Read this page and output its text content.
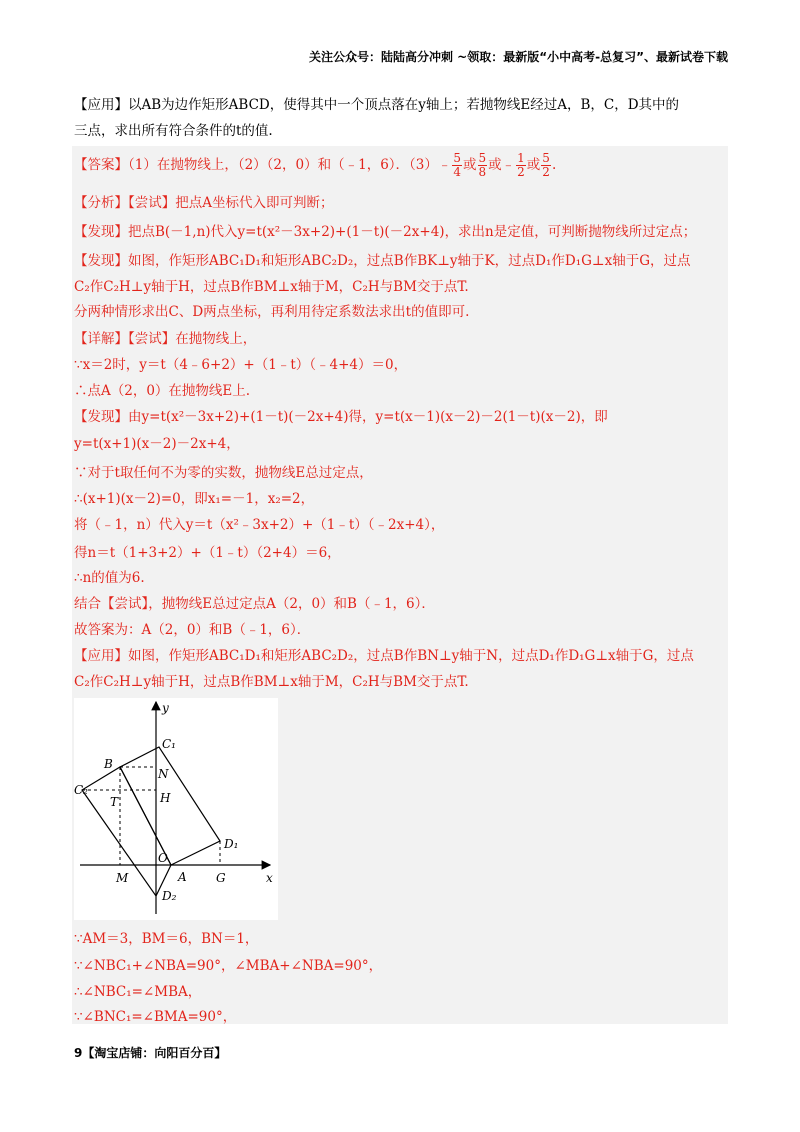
关注公众号：陆陆高分冲刺 ~领取：最新版“小中高考-总复习”、最新试卷下载
【应用】以AB为边作矩形ABCD，使得其中一个顶点落在y轴上；若抛物线E经过A，B，C，D其中的
三点，求出所有符合条件的t的值.
【答案】（1）在抛物线上，（2）（2，0）和（﹣1，6）．（3）﹣ $\frac{5}{4}$ 或 $\frac{5}{8}$ 或﹣ $\frac{1}{2}$ 或 $\frac{5}{2}$ .
【分析】【尝试】把点A坐标代入即可判断；
【发现】把点B(－1,n)代入y=t(x²－3x+2)+(1－t)(－2x+4)，求出n是定值，可判断抛物线所过定点；
【发现】如图，作矩形ABC₁D₁和矩形ABC₂D₂，过点B作BK⊥y轴于K，过点D₁作D₁G⊥x轴于G，过点
C₂作C₂H⊥y轴于H，过点B作BM⊥x轴于M，C₂H与BM交于点T.
分两种情形求出C、D两点坐标，再利用待定系数法求出t的值即可.
【详解】【尝试】在抛物线上，
∵x＝2时，y＝t（4﹣6+2）+（1﹣t）（﹣4+4）＝0，
∴点A（2，0）在抛物线E上.
【发现】由y=t(x²－3x+2)+(1－t)(－2x+4)得，y=t(x－1)(x－2)－2(1－t)(x－2)，即
y=t(x+1)(x－2)－2x+4，
∵对于t取任何不为零的实数，抛物线E总过定点，
∴(x+1)(x－2)=0，即x₁=－1，x₂=2，
将（﹣1，n）代入y＝t（x²﹣3x+2）+（1﹣t）（﹣2x+4），
得n＝t（1+3+2）+（1﹣t）（2+4）＝6，
∴n的值为6.
结合【尝试】，抛物线E总过定点A（2，0）和B（﹣1，6）．
故答案为：A（2，0）和B（﹣1，6）．
【应用】如图，作矩形ABC₁D₁和矩形ABC₂D₂，过点B作BN⊥y轴于N，过点D₁作D₁G⊥x轴于G，过点
C₂作C₂H⊥y轴于H，过点B作BM⊥x轴于M，C₂H与BM交于点T.
y
x
C₁
B
N
C₂
T	H
D₁
O
A G
M
D₂
∵AM＝3，BM＝6，BN＝1，
∵∠NBC₁+∠NBA=90°，∠MBA+∠NBA=90°，
∴∠NBC₁=∠MBA，
∵∠BNC₁=∠BMA=90°，
9【淘宝店铺：向阳百分百】
